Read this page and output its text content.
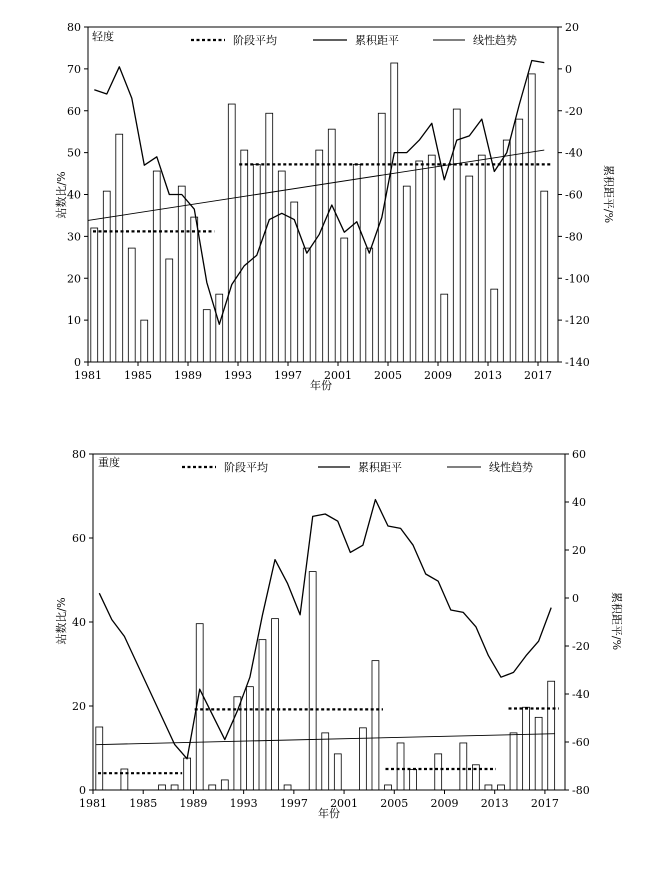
轻度	阶段平均	累积距平	线性趋势
年份
站数比/%	累积距平/%
0
10
20
30
40
50
60
70
80
-140
-120
-100
-80
-60
-40
-20
0
20
1981 1985 1989 1993 1997 2001 2005 2009 2013 2017
重度	阶段平均	累积距平	线性趋势
年份
站数比/%	累积距平/%
0
20
40
60
80
-80
-60
-40
-20
0
20
40
60
1981 1985 1989 1993 1997 2001 2005 2009 2013 2017
